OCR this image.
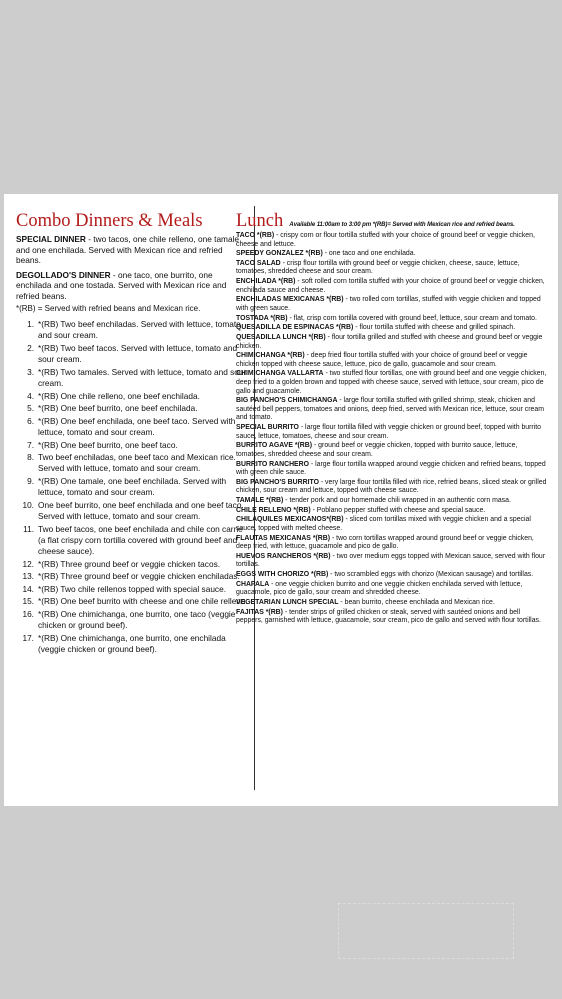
Combo Dinners & Meals

SPECIAL DINNER - two tacos, one chile relleno, one tamale and one enchilada. Served with Mexican rice and refried beans.

DEGOLLADO'S DINNER - one taco, one burrito, one enchilada and one tostada. Served with Mexican rice and refried beans.

*(RB) = Served with refried beans and Mexican rice.

1. *(RB) Two beef enchiladas. Served with lettuce, tomato and sour cream.
2. *(RB) Two beef tacos. Served with lettuce, tomato and sour cream.
3. *(RB) Two tamales. Served with lettuce, tomato and sour cream.
4. *(RB) One chile relleno, one beef enchilada.
5. *(RB) One beef burrito, one beef enchilada.
6. *(RB) One beef enchilada, one beef taco. Served with lettuce, tomato and sour cream.
7. *(RB) One beef burrito, one beef taco.
8. Two beef enchiladas, one beef taco and Mexican rice. Served with lettuce, tomato and sour cream.
9. *(RB) One tamale, one beef enchilada. Served with lettuce, tomato and sour cream.
10. One beef burrito, one beef enchilada and one beef taco. Served with lettuce, tomato and sour cream.
11. Two beef tacos, one beef enchilada and chile con carne (a flat crispy corn tortilla covered with ground beef and cheese sauce).
12. *(RB) Three ground beef or veggie chicken tacos.
13. *(RB) Three ground beef or veggie chicken enchiladas.
14. *(RB) Two chile rellenos topped with special sauce.
15. *(RB) One beef burrito with cheese and one chile relleno.
16. *(RB) One chimichanga, one burrito, one taco (veggie chicken or ground beef).
17. *(RB) One chimichanga, one burrito, one enchilada (veggie chicken or ground beef).
Lunch Available 11:00am to 3:00 pm *(RB)= Served with Mexican rice and refried beans.
TACO *(RB) - crispy corn or flour tortilla stuffed with your choice of ground beef or veggie chicken, cheese and lettuce.
SPEEDY GONZALEZ *(RB) - one taco and one enchilada.
TACO SALAD - crisp flour tortilla with ground beef or veggie chicken, cheese, sauce, lettuce, tomatoes, shredded cheese and sour cream.
ENCHILADA *(RB) - soft rolled corn tortilla stuffed with your choice of ground beef or veggie chicken, enchilada sauce and cheese.
ENCHILADAS MEXICANAS *(RB) - two rolled corn tortillas, stuffed with veggie chicken and topped with green sauce.
TOSTADA *(RB) - flat, crisp corn tortilla covered with ground beef, lettuce, sour cream and tomato.
QUESADILLA DE ESPINACAS *(RB) - flour tortilla stuffed with cheese and grilled spinach.
QUESADILLA LUNCH *(RB) - flour tortilla grilled and stuffed with cheese and ground beef or veggie chicken.
CHIMICHANGA *(RB) - deep fried flour tortilla stuffed with your choice of ground beef or veggie chicken topped with cheese sauce, lettuce, pico de gallo, guacamole and sour cream.
CHIMICHANGA VALLARTA - two stuffed flour tortillas, one with ground beef and one veggie chicken, deep fried to a golden brown and topped with cheese sauce, served with lettuce, sour cream, pico de gallo and guacamole.
BIG PANCHO'S CHIMICHANGA - large flour tortilla stuffed with grilled shrimp, steak, chicken and sautéed bell peppers, tomatoes and onions, deep fried, served with Mexican rice, lettuce, sour cream and tomato.
SPECIAL BURRITO - large flour tortilla filled with veggie chicken or ground beef, topped with burrito sauce, lettuce, tomatoes, cheese and sour cream.
BURRITO AGAVE *(RB) - ground beef or veggie chicken, topped with burrito sauce, lettuce, tomatoes, shredded cheese and sour cream.
BURRITO RANCHERO - large flour tortilla wrapped around veggie chicken and refried beans, topped with green chile sauce.
BIG PANCHO'S BURRITO - very large flour tortilla filled with rice, refried beans, sliced steak or grilled chicken, sour cream and lettuce, topped with cheese sauce.
TAMALE *(RB) - tender pork and our homemade chili wrapped in an authentic corn masa.
CHILE RELLENO *(RB) - Poblano pepper stuffed with cheese and special sauce.
CHILAQUILES MEXICANOS*(RB) - sliced corn tortillas mixed with veggie chicken and a special sauce, topped with melted cheese.
FLAUTAS MEXICANAS *(RB) - two corn tortillas wrapped around ground beef or veggie chicken, deep fried, with lettuce, guacamole and pico de gallo.
HUEVOS RANCHEROS *(RB) - two over medium eggs topped with Mexican sauce, served with flour tortillas.
EGGS WITH CHORIZO *(RB) - two scrambled eggs with chorizo (Mexican sausage) and tortillas.
CHAPALA - one veggie chicken burrito and one veggie chicken enchilada served with lettuce, guacamole, pico de gallo, sour cream and shredded cheese.
VEGETARIAN LUNCH SPECIAL - bean burrito, cheese enchilada and Mexican rice.
FAJITAS *(RB) - tender strips of grilled chicken or steak, served with sautéed onions and bell peppers, garnished with lettuce, guacamole, sour cream, pico de gallo and served with flour tortillas.
